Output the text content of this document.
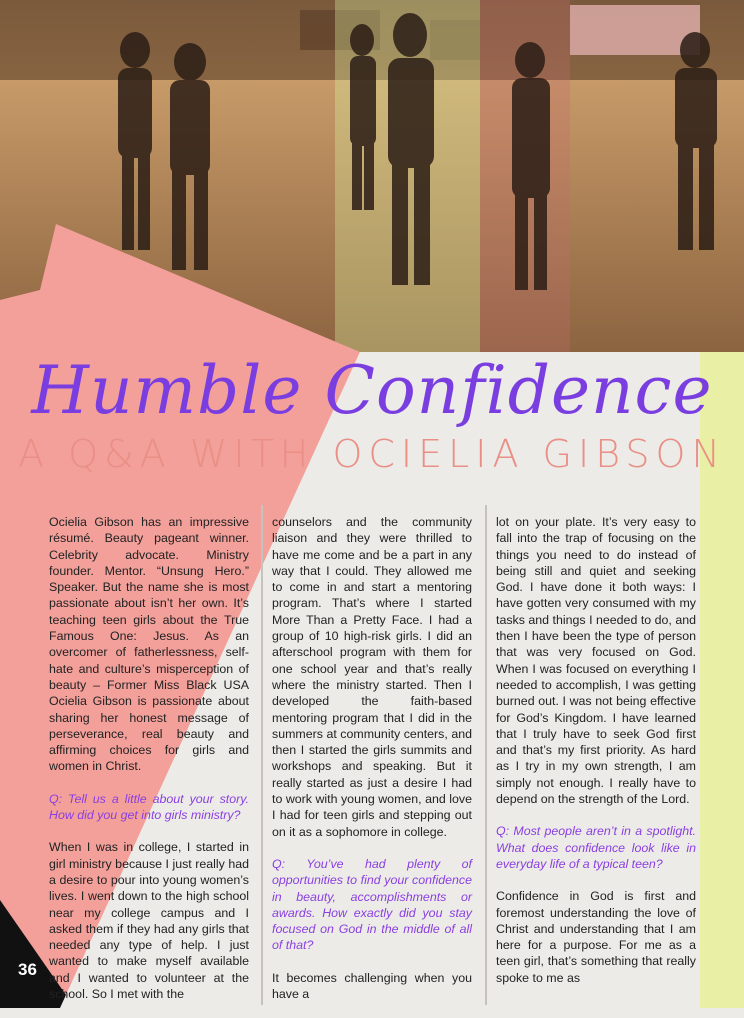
Humble Confidence
A Q&A WITH OCIELIA GIBSON

Ocielia Gibson has an impressive résumé. Beauty pageant winner. Celebrity advocate. Ministry founder. Mentor. “Unsung Hero.” Speaker. But the name she is most passionate about isn’t her own. It’s teaching teen girls about the True Famous One: Jesus. As an overcomer of fatherlessness, self-hate and culture’s misperception of beauty – Former Miss Black USA Ocielia Gibson is passionate about sharing her honest message of perseverance, real beauty and affirming choices for girls and women in Christ.

Q: Tell us a little about your story. How did you get into girls ministry?

When I was in college, I started in girl ministry because I just really had a desire to pour into young women’s lives. I went down to the high school near my college campus and I asked them if they had any girls that needed any type of help. I just wanted to make myself available and I wanted to volunteer at the school. So I met with the

counselors and the community liaison and they were thrilled to have me come and be a part in any way that I could. They allowed me to come in and start a mentoring program. That’s where I started More Than a Pretty Face. I had a group of 10 high-risk girls. I did an afterschool program with them for one school year and that’s really where the ministry started. Then I developed the faith-based mentoring program that I did in the summers at community centers, and then I started the girls summits and workshops and speaking. But it really started as just a desire I had to work with young women, and love I had for teen girls and stepping out on it as a sophomore in college.

Q: You’ve had plenty of opportunities to find your confidence in beauty, accomplishments or awards. How exactly did you stay focused on God in the middle of all of that?

It becomes challenging when you have a

lot on your plate. It’s very easy to fall into the trap of focusing on the things you need to do instead of being still and quiet and seeking God. I have done it both ways: I have gotten very consumed with my tasks and things I needed to do, and then I have been the type of person that was very focused on God. When I was focused on everything I needed to accomplish, I was getting burned out. I was not being effective for God’s Kingdom. I have learned that I truly have to seek God first and that’s my first priority. As hard as I try in my own strength, I am simply not enough. I really have to depend on the strength of the Lord.

Q: Most people aren’t in a spotlight. What does confidence look like in everyday life of a typical teen?

Confidence in God is first and foremost understanding the love of Christ and understanding that I am here for a purpose. For me as a teen girl, that’s something that really spoke to me as

36
